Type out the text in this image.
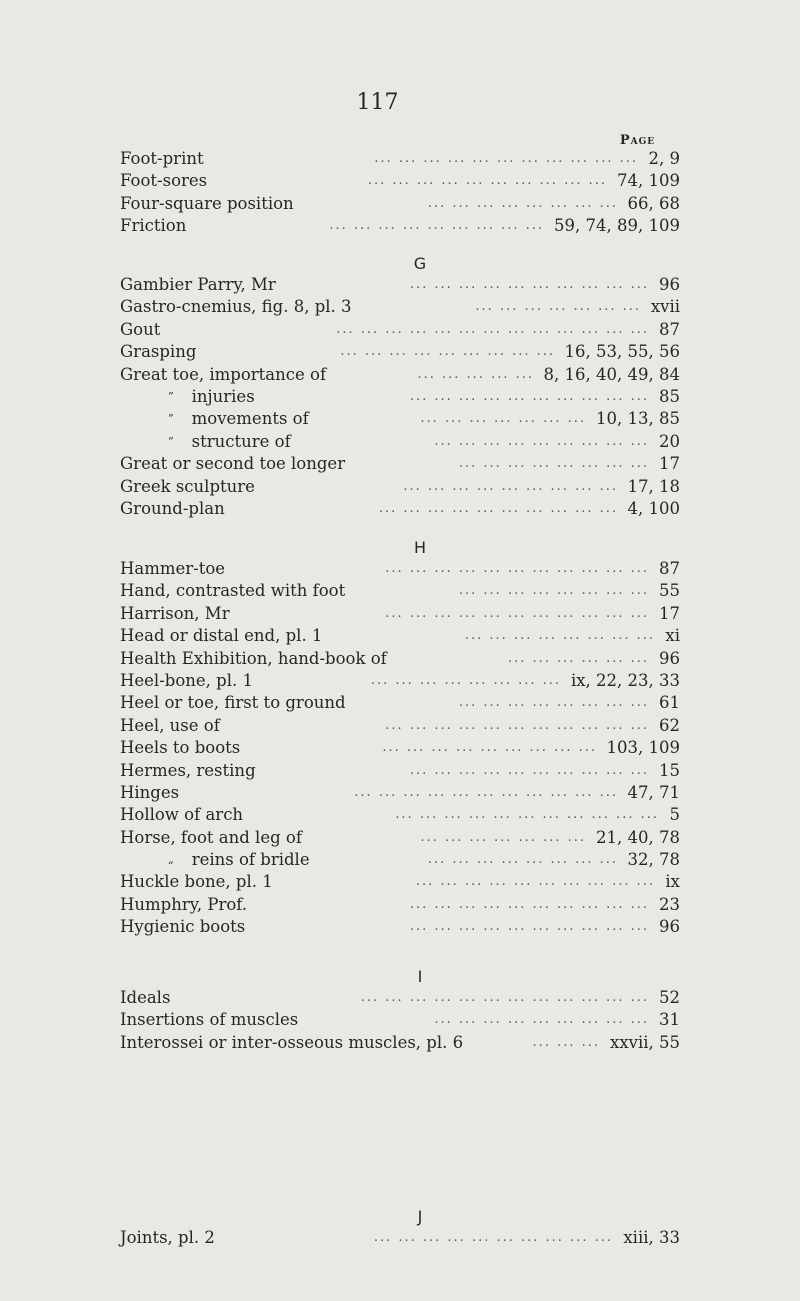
117
Page
Foot-print	... ... ... ... ... ... ... ... ... ... ... 2, 9
Foot-sores	... ... ... ... ... ... ... ... ... ... 74, 109
Four-square position	... ... ... ... ... ... ... ... 66, 68
Friction	... ... ... ... ... ... ... ... ... 59, 74, 89, 109
G
Gambier Parry, Mr	... ... ... ... ... ... ... ... ... ... 96
Gastro-cnemius, fig. 8, pl. 3	... ... ... ... ... ... ... xvii
Gout	... ... ... ... ... ... ... ... ... ... ... ... ... 87
Grasping	... ... ... ... ... ... ... ... ... 16, 53, 55, 56
Great toe, importance of	... ... ... ... ... 8, 16, 40, 49, 84
” injuries	... ... ... ... ... ... ... ... ... ... 85
” movements of	... ... ... ... ... ... ... 10, 13, 85
” structure of	... ... ... ... ... ... ... ... ... 20
Great or second toe longer	... ... ... ... ... ... ... ... 17
Greek sculpture	... ... ... ... ... ... ... ... ... 17, 18
Ground-plan	... ... ... ... ... ... ... ... ... ... 4, 100
H
Hammer-toe	... ... ... ... ... ... ... ... ... ... ... 87
Hand, contrasted with foot	... ... ... ... ... ... ... ... 55
Harrison, Mr	... ... ... ... ... ... ... ... ... ... ... 17
Head or distal end, pl. 1	... ... ... ... ... ... ... ... xi
Health Exhibition, hand-book of	... ... ... ... ... ... 96
Heel-bone, pl. 1	... ... ... ... ... ... ... ... ix, 22, 23, 33
Heel or toe, first to ground	... ... ... ... ... ... ... ... 61
Heel, use of	... ... ... ... ... ... ... ... ... ... ... 62
Heels to boots	... ... ... ... ... ... ... ... ... 103, 109
Hermes, resting	... ... ... ... ... ... ... ... ... ... 15
Hinges	... ... ... ... ... ... ... ... ... ... ... 47, 71
Hollow of arch	... ... ... ... ... ... ... ... ... ... ... 5
Horse, foot and leg of	... ... ... ... ... ... ... 21, 40, 78
„ reins of bridle	... ... ... ... ... ... ... ... 32, 78
Huckle bone, pl. 1	... ... ... ... ... ... ... ... ... ... ix
Humphry, Prof.	... ... ... ... ... ... ... ... ... ... 23
Hygienic boots	... ... ... ... ... ... ... ... ... ... 96
I
Ideals	... ... ... ... ... ... ... ... ... ... ... ... 52
Insertions of muscles	... ... ... ... ... ... ... ... ... 31
Interossei or inter-osseous muscles, pl. 6	... ... ... xxvii, 55
J
Joints, pl. 2	... ... ... ... ... ... ... ... ... ... xiii, 33
